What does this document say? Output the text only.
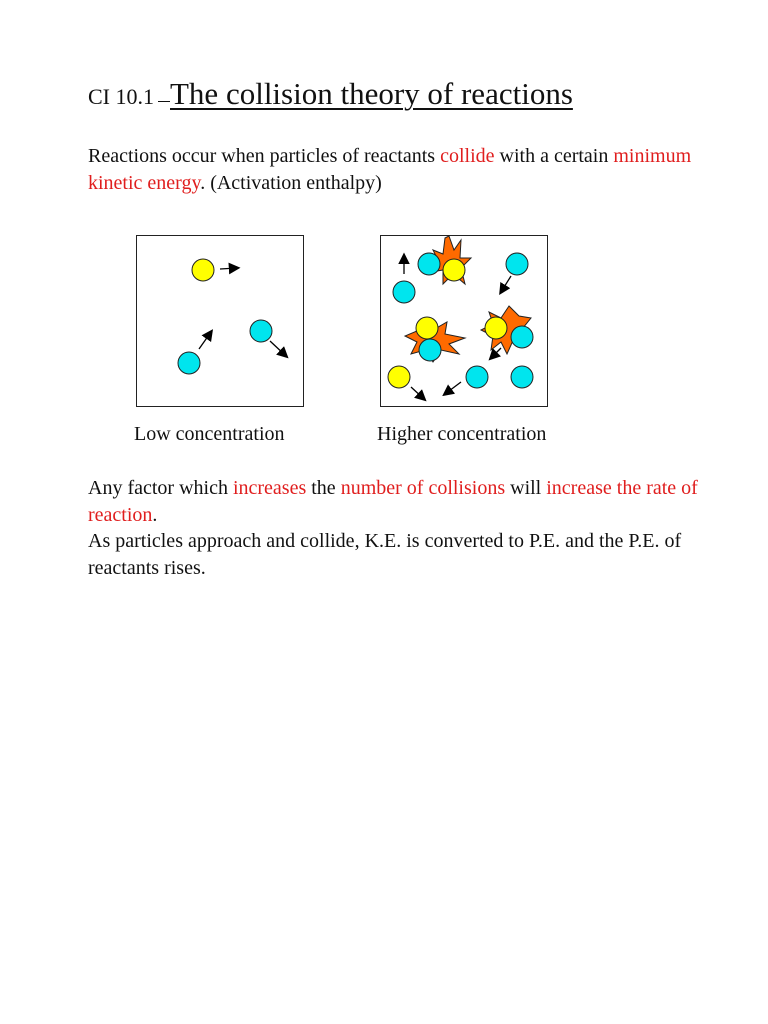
CI 10.1 The collision theory of reactions
Reactions occur when particles of reactants collide with a certain minimum kinetic energy. (Activation enthalpy)
Low concentration	Higher concentration
Any factor which increases the number of collisions will increase the rate of reaction.
As particles approach and collide, K.E. is converted to P.E. and the P.E. of reactants rises.
